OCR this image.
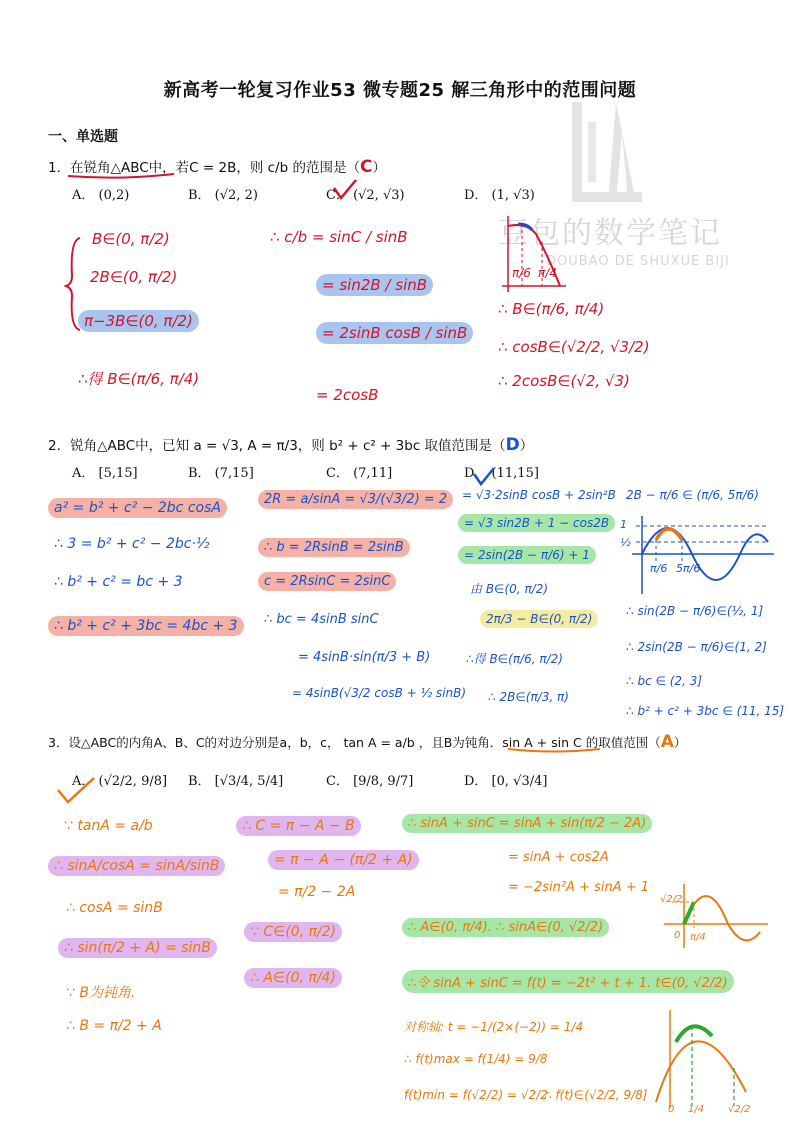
豆包的数学笔记
DOUBAO DE SHUXUE BIJI
新高考一轮复习作业53 微专题25 解三角形中的范围问题
一、单选题
1．在锐角△ABC中，若C = 2B，则 c/b 的范围是（C）
A． (0,2)	B． (√2, 2)	C． (√2, √3)	D． (1, √3)
B∈(0, π/2)
2B∈(0, π/2)
π−3B∈(0, π/2)
∴得 B∈(π/6, π/4)
∴ c/b = sinC / sinB
= sin2B / sinB
= 2sinB cosB / sinB
= 2cosB
π/6 π/4
∴ B∈(π/6, π/4)
∴ cosB∈(√2/2, √3/2)
∴ 2cosB∈(√2, √3)
2．锐角△ABC中，已知 a = √3, A = π/3，则 b² + c² + 3bc 取值范围是（D）
A． [5,15]	B． (7,15]	C． (7,11]	D． (11,15]
a² = b² + c² − 2bc cosA
∴ 3 = b² + c² − 2bc·½
∴ b² + c² = bc + 3
∴ b² + c² + 3bc = 4bc + 3
2R = a/sinA = √3/(√3/2) = 2
∴ b = 2RsinB = 2sinB
c = 2RsinC = 2sinC
∴ bc = 4sinB sinC
= 4sinB·sin(π/3 + B)
= 4sinB(√3/2 cosB + ½ sinB)
= √3·2sinB cosB + 2sin²B
= √3 sin2B + 1 − cos2B
= 2sin(2B − π/6) + 1
由 B∈(0, π/2)
2π/3 − B∈(0, π/2)
∴得 B∈(π/6, π/2)
∴ 2B∈(π/3, π)
2B − π/6 ∈ (π/6, 5π/6)
1
½
π/6 5π/6
∴ sin(2B − π/6)∈(½, 1]
∴ 2sin(2B − π/6)∈(1, 2]
∴ bc ∈ (2, 3]
∴ b² + c² + 3bc ∈ (11, 15]
3．设△ABC的内角A、B、C的对边分别是a，b，c， tan A = a/b ，且B为钝角．sin A + sin C 的取值范围（A）
A． (√2/2, 9/8] B． [√3/4, 5/4]	C． [9/8, 9/7]	D． [0, √3/4]
∵ tanA = a/b
∴ sinA/cosA = sinA/sinB
∴ cosA = sinB
∴ sin(π/2 + A) = sinB
∵ B为钝角.
∴ B = π/2 + A
∴ C = π − A − B
= π − A − (π/2 + A)
= π/2 − 2A
∵ C∈(0, π/2)
∴ A∈(0, π/4)
∴ sinA + sinC = sinA + sin(π/2 − 2A)
= sinA + cos2A
= −2sin²A + sinA + 1
∴ A∈(0, π/4). ∴ sinA∈(0, √2/2)
√2/2
0 π/4
∴令 sinA + sinC = f(t) = −2t² + t + 1. t∈(0, √2/2)
对称轴: t = −1/(2×(−2)) = 1/4
∴ f(t)max = f(1/4) = 9/8
f(t)min = f(√2/2) = √2/2
∴ f(t)∈(√2/2, 9/8]
0 1/4 √2/2
